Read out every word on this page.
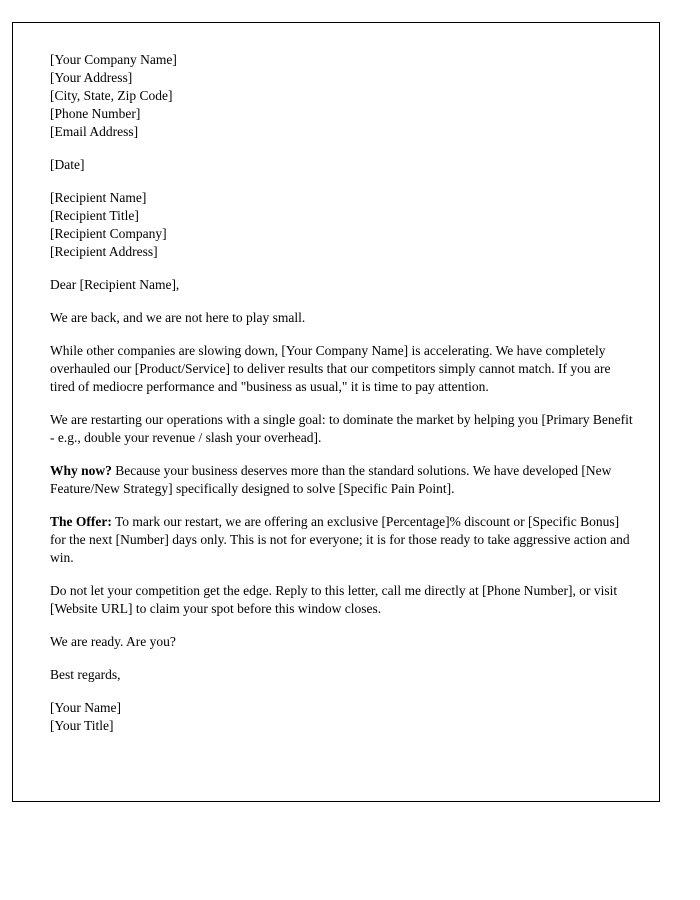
[Your Company Name]
[Your Address]
[City, State, Zip Code]
[Phone Number]
[Email Address]
[Date]
[Recipient Name]
[Recipient Title]
[Recipient Company]
[Recipient Address]

Dear [Recipient Name],

We are back, and we are not here to play small.

While other companies are slowing down, [Your Company Name] is accelerating. We have completely overhauled our [Product/Service] to deliver results that our competitors simply cannot match. If you are tired of mediocre performance and "business as usual," it is time to pay attention.

We are restarting our operations with a single goal: to dominate the market by helping you [Primary Benefit - e.g., double your revenue / slash your overhead].

Why now? Because your business deserves more than the standard solutions. We have developed [New Feature/New Strategy] specifically designed to solve [Specific Pain Point].

The Offer: To mark our restart, we are offering an exclusive [Percentage]% discount or [Specific Bonus] for the next [Number] days only. This is not for everyone; it is for those ready to take aggressive action and win.

Do not let your competition get the edge. Reply to this letter, call me directly at [Phone Number], or visit [Website URL] to claim your spot before this window closes.

We are ready. Are you?

Best regards,

[Your Name]
[Your Title]
